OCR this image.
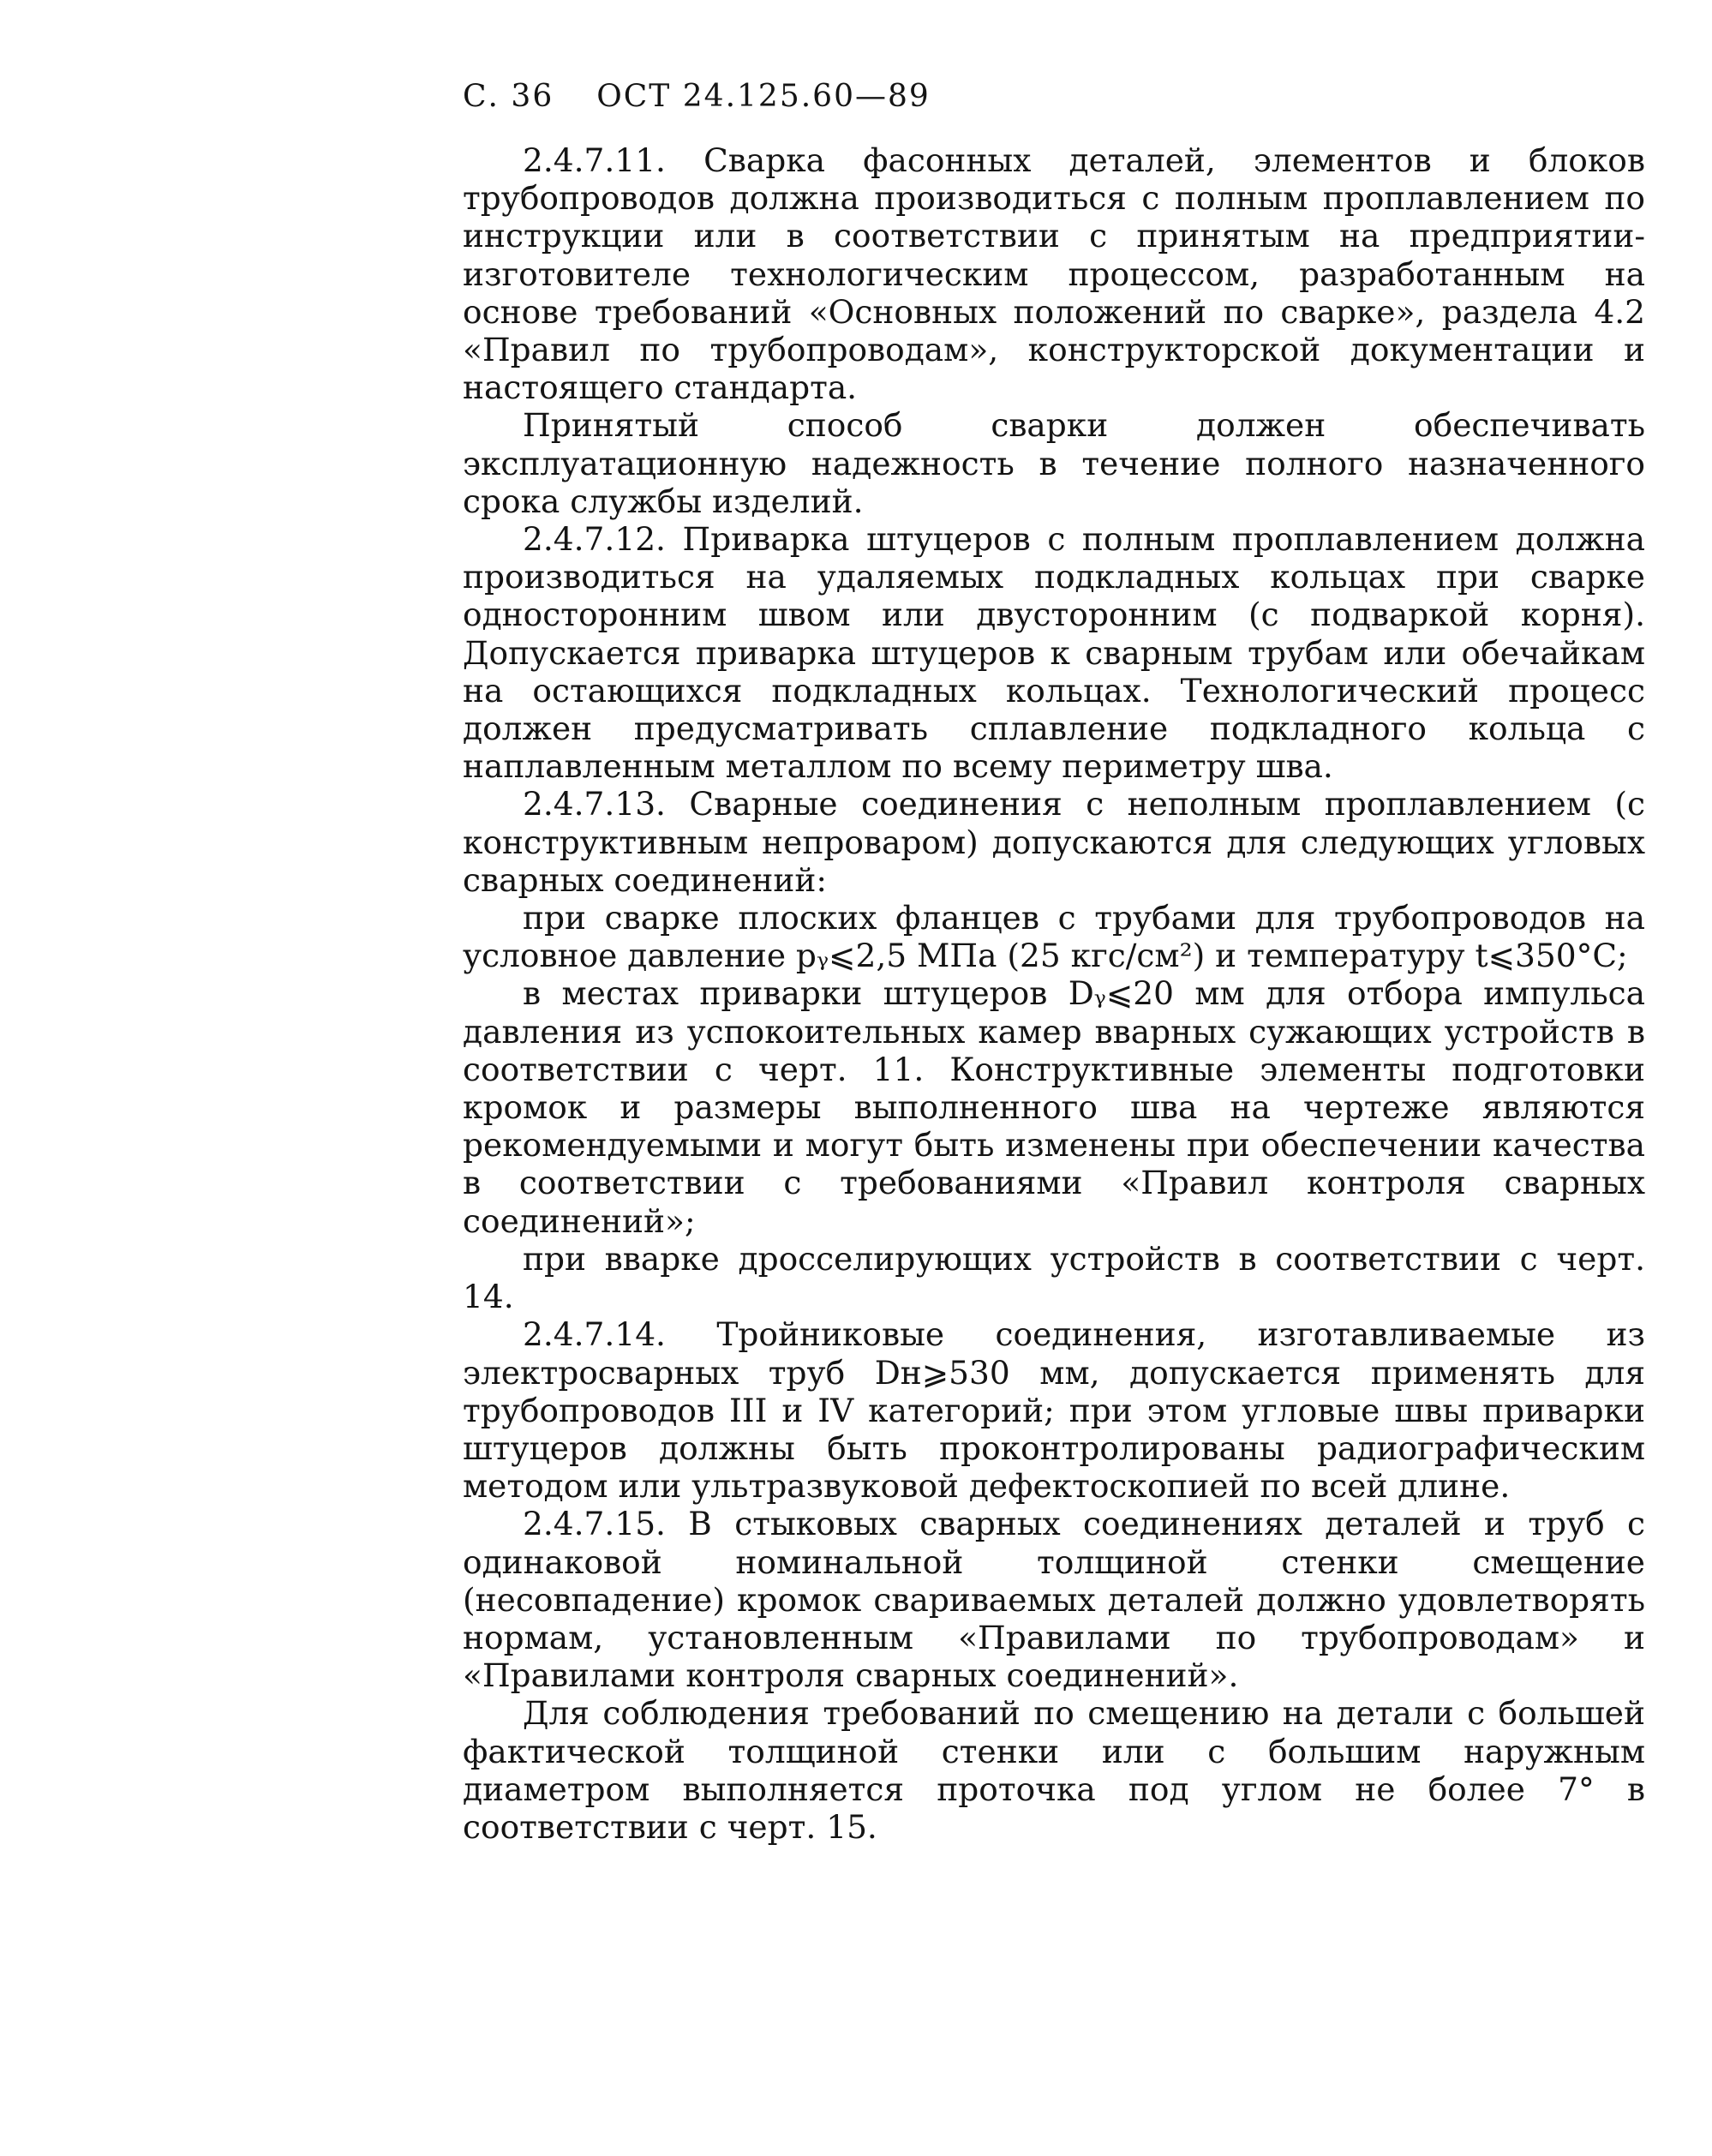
С. 36 ОСТ 24.125.60—89

2.4.7.11. Сварка фасонных деталей, элементов и блоков трубопроводов должна производиться с полным проплавлением по инструкции или в соответствии с принятым на предприятии-изготовителе технологическим процессом, разработанным на основе требований «Основных положений по сварке», раздела 4.2 «Правил по трубопроводам», конструкторской документации и настоящего стандарта.

Принятый способ сварки должен обеспечивать эксплуатационную надежность в течение полного назначенного срока службы изделий.

2.4.7.12. Приварка штуцеров с полным проплавлением должна производиться на удаляемых подкладных кольцах при сварке односторонним швом или двусторонним (с подваркой корня). Допускается приварка штуцеров к сварным трубам или обечайкам на остающихся подкладных кольцах. Технологический процесс должен предусматривать сплавление подкладного кольца с наплавленным металлом по всему периметру шва.

2.4.7.13. Сварные соединения с неполным проплавлением (с конструктивным непроваром) допускаются для следующих угловых сварных соединений:

при сварке плоских фланцев с трубами для трубопроводов на условное давление pᵧ⩽2,5 МПа (25 кгс/см²) и температуру t⩽350°С;

в местах приварки штуцеров Dᵧ⩽20 мм для отбора импульса давления из успокоительных камер вварных сужающих устройств в соответствии с черт. 11. Конструктивные элементы подготовки кромок и размеры выполненного шва на чертеже являются рекомендуемыми и могут быть изменены при обеспечении качества в соответствии с требованиями «Правил контроля сварных соединений»;

при вварке дросселирующих устройств в соответствии с черт. 14.

2.4.7.14. Тройниковые соединения, изготавливаемые из электросварных труб Dн⩾530 мм, допускается применять для трубопроводов III и IV категорий; при этом угловые швы приварки штуцеров должны быть проконтролированы радиографическим методом или ультразвуковой дефектоскопией по всей длине.

2.4.7.15. В стыковых сварных соединениях деталей и труб с одинаковой номинальной толщиной стенки смещение (несовпадение) кромок свариваемых деталей должно удовлетворять нормам, установленным «Правилами по трубопроводам» и «Правилами контроля сварных соединений».

Для соблюдения требований по смещению на детали с большей фактической толщиной стенки или с большим наружным диаметром выполняется проточка под углом не более 7° в соответствии с черт. 15.
